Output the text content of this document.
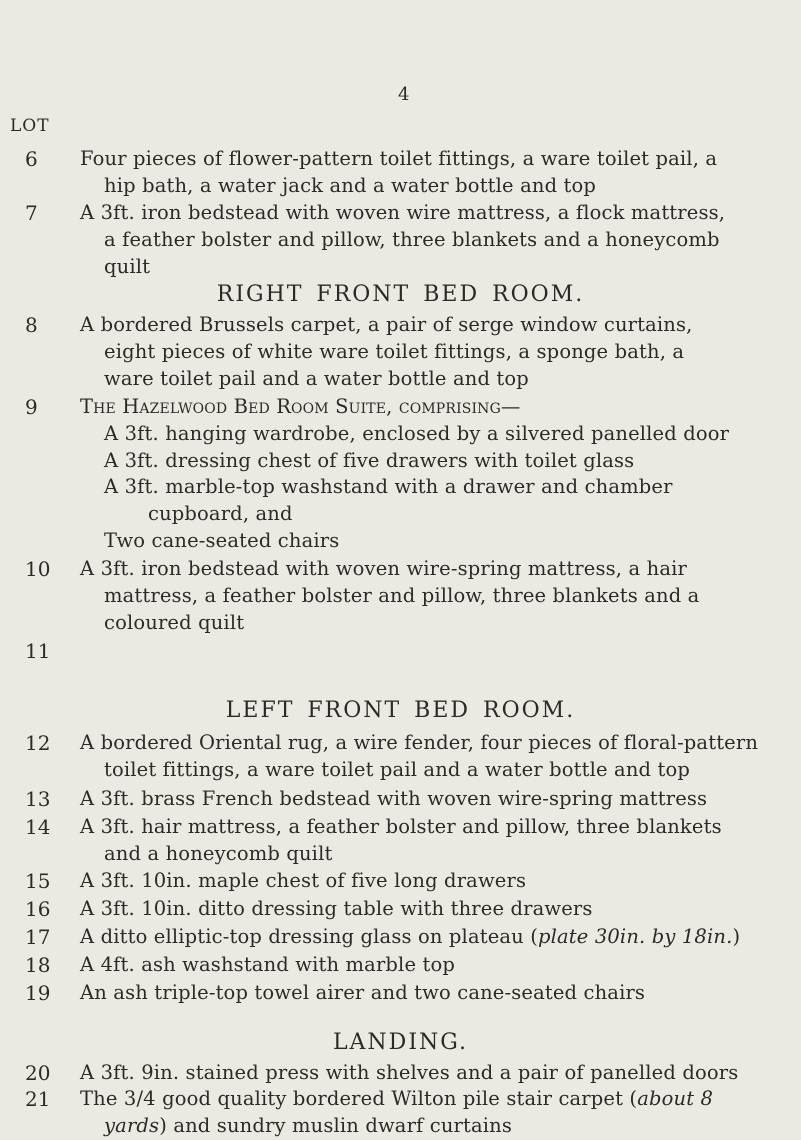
4
LOT
6	Four pieces of flower-pattern toilet fittings, a ware toilet pail, a
hip bath, a water jack and a water bottle and top
7	A 3ft. iron bedstead with woven wire mattress, a flock mattress,
a feather bolster and pillow, three blankets and a honeycomb
quilt
RIGHT FRONT BED ROOM.
8	A bordered Brussels carpet, a pair of serge window curtains,
eight pieces of white ware toilet fittings, a sponge bath, a
ware toilet pail and a water bottle and top
9	The Hazelwood Bed Room Suite, comprising—
A 3ft. hanging wardrobe, enclosed by a silvered panelled door
A 3ft. dressing chest of five drawers with toilet glass
A 3ft. marble-top washstand with a drawer and chamber
cupboard, and
Two cane-seated chairs
10	A 3ft. iron bedstead with woven wire-spring mattress, a hair
mattress, a feather bolster and pillow, three blankets and a
coloured quilt
11
LEFT FRONT BED ROOM.
12	A bordered Oriental rug, a wire fender, four pieces of floral-pattern
toilet fittings, a ware toilet pail and a water bottle and top
13	A 3ft. brass French bedstead with woven wire-spring mattress
14	A 3ft. hair mattress, a feather bolster and pillow, three blankets
and a honeycomb quilt
15	A 3ft. 10in. maple chest of five long drawers
16	A 3ft. 10in. ditto dressing table with three drawers
17	A ditto elliptic-top dressing glass on plateau (plate 30in. by 18in.)
18	A 4ft. ash washstand with marble top
19	An ash triple-top towel airer and two cane-seated chairs
LANDING.
20	A 3ft. 9in. stained press with shelves and a pair of panelled doors
21	The 3/4 good quality bordered Wilton pile stair carpet (about 8
yards) and sundry muslin dwarf curtains
